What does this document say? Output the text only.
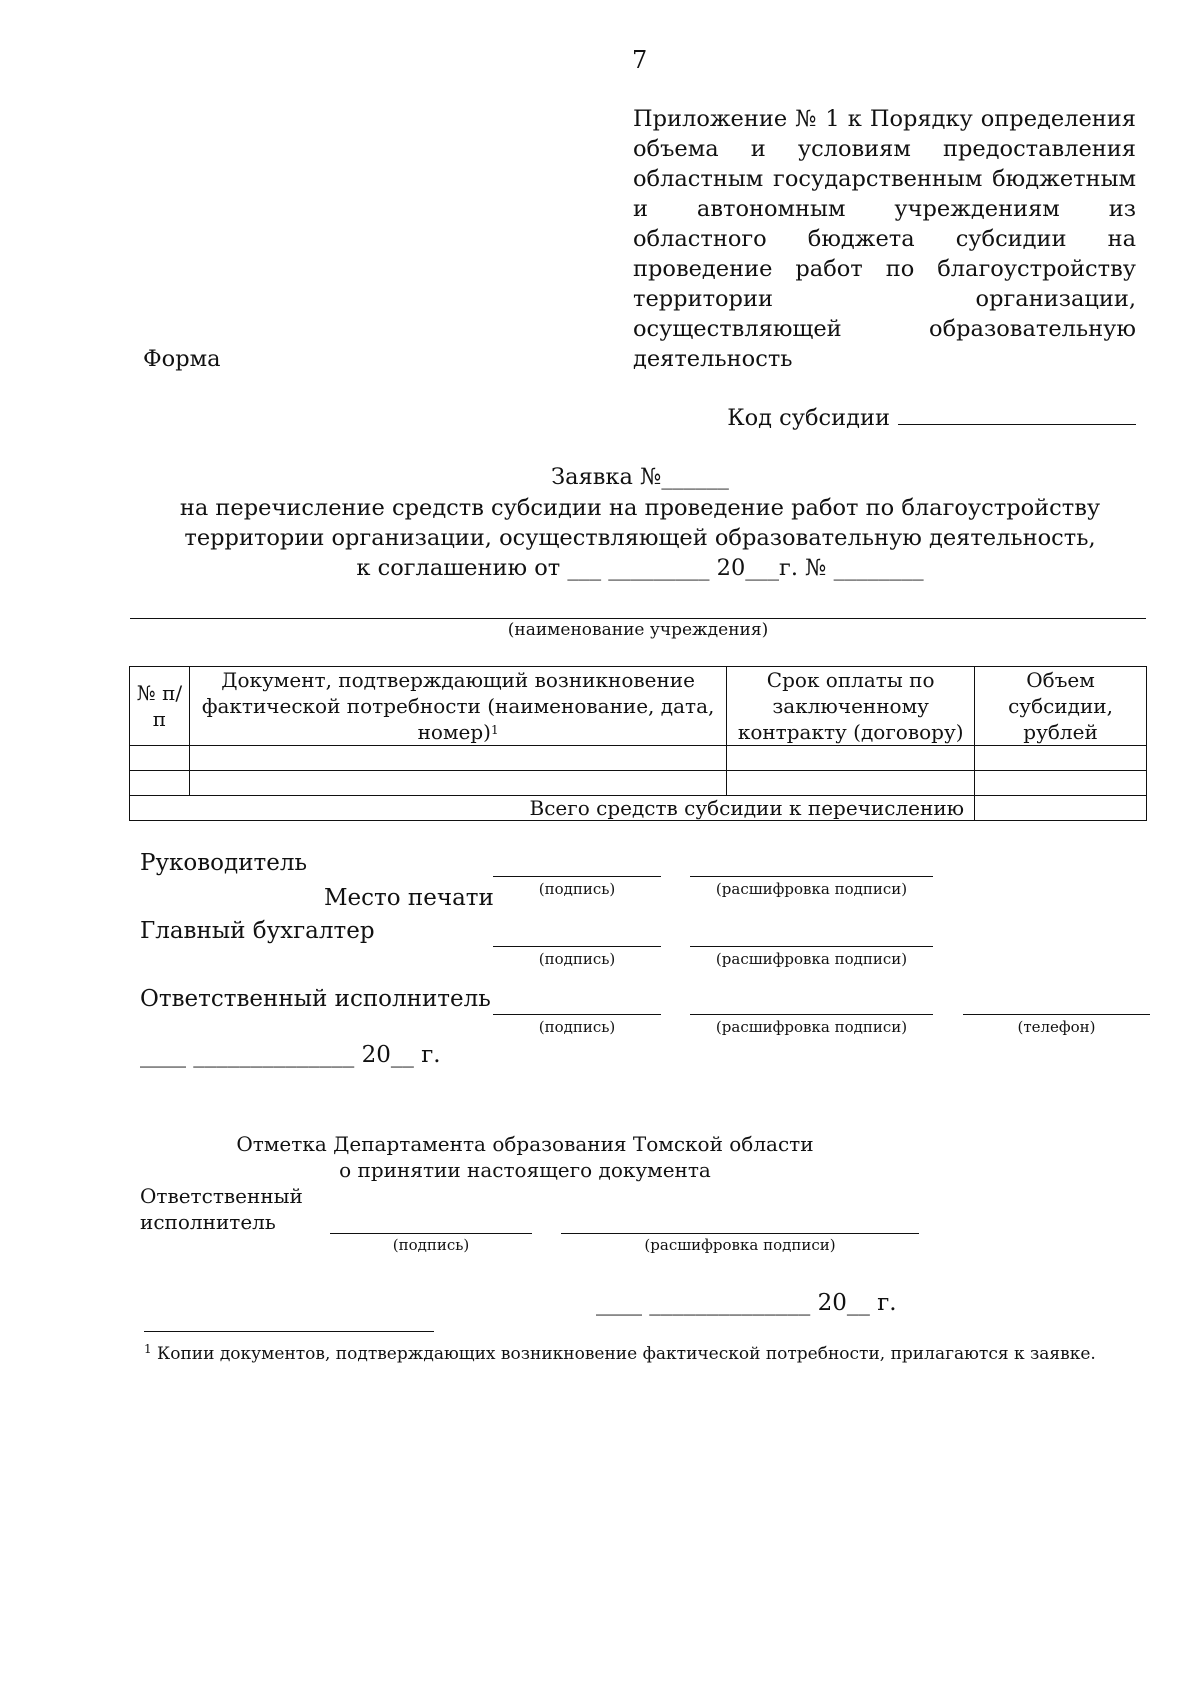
7
Приложение № 1 к Порядку определения объема и условиям предоставления областным государственным бюджетным и автономным учреждениям из областного бюджета субсидии на проведение работ по благоустройству территории организации, осуществляющей образовательную деятельность
Форма
Код субсидии
Заявка №______
на перечисление средств субсидии на проведение работ по благоустройству
территории организации, осуществляющей образовательную деятельность,
к соглашению от ___ _________ 20___г. № ________
(наименование учреждения)
№ п/п	Документ, подтверждающий возникновение фактической потребности (наименование, дата, номер)$^1$	Срок оплаты по заключенному контракту (договору)	Объем субсидии, рублей

Всего средств субсидии к перечислению			
Руководитель
(подпись)	(расшифровка подписи)
Место печати
Главный бухгалтер
(подпись)	(расшифровка подписи)
Ответственный исполнитель
(подпись)	(расшифровка подписи)	(телефон)
____ ______________ 20__ г.
Отметка Департамента образования Томской области
о принятии настоящего документа
Ответственный
исполнитель
(подпись)	(расшифровка подписи)
____ ______________ 20__ г.
$^1$ Копии документов, подтверждающих возникновение фактической потребности, прилагаются к заявке.
